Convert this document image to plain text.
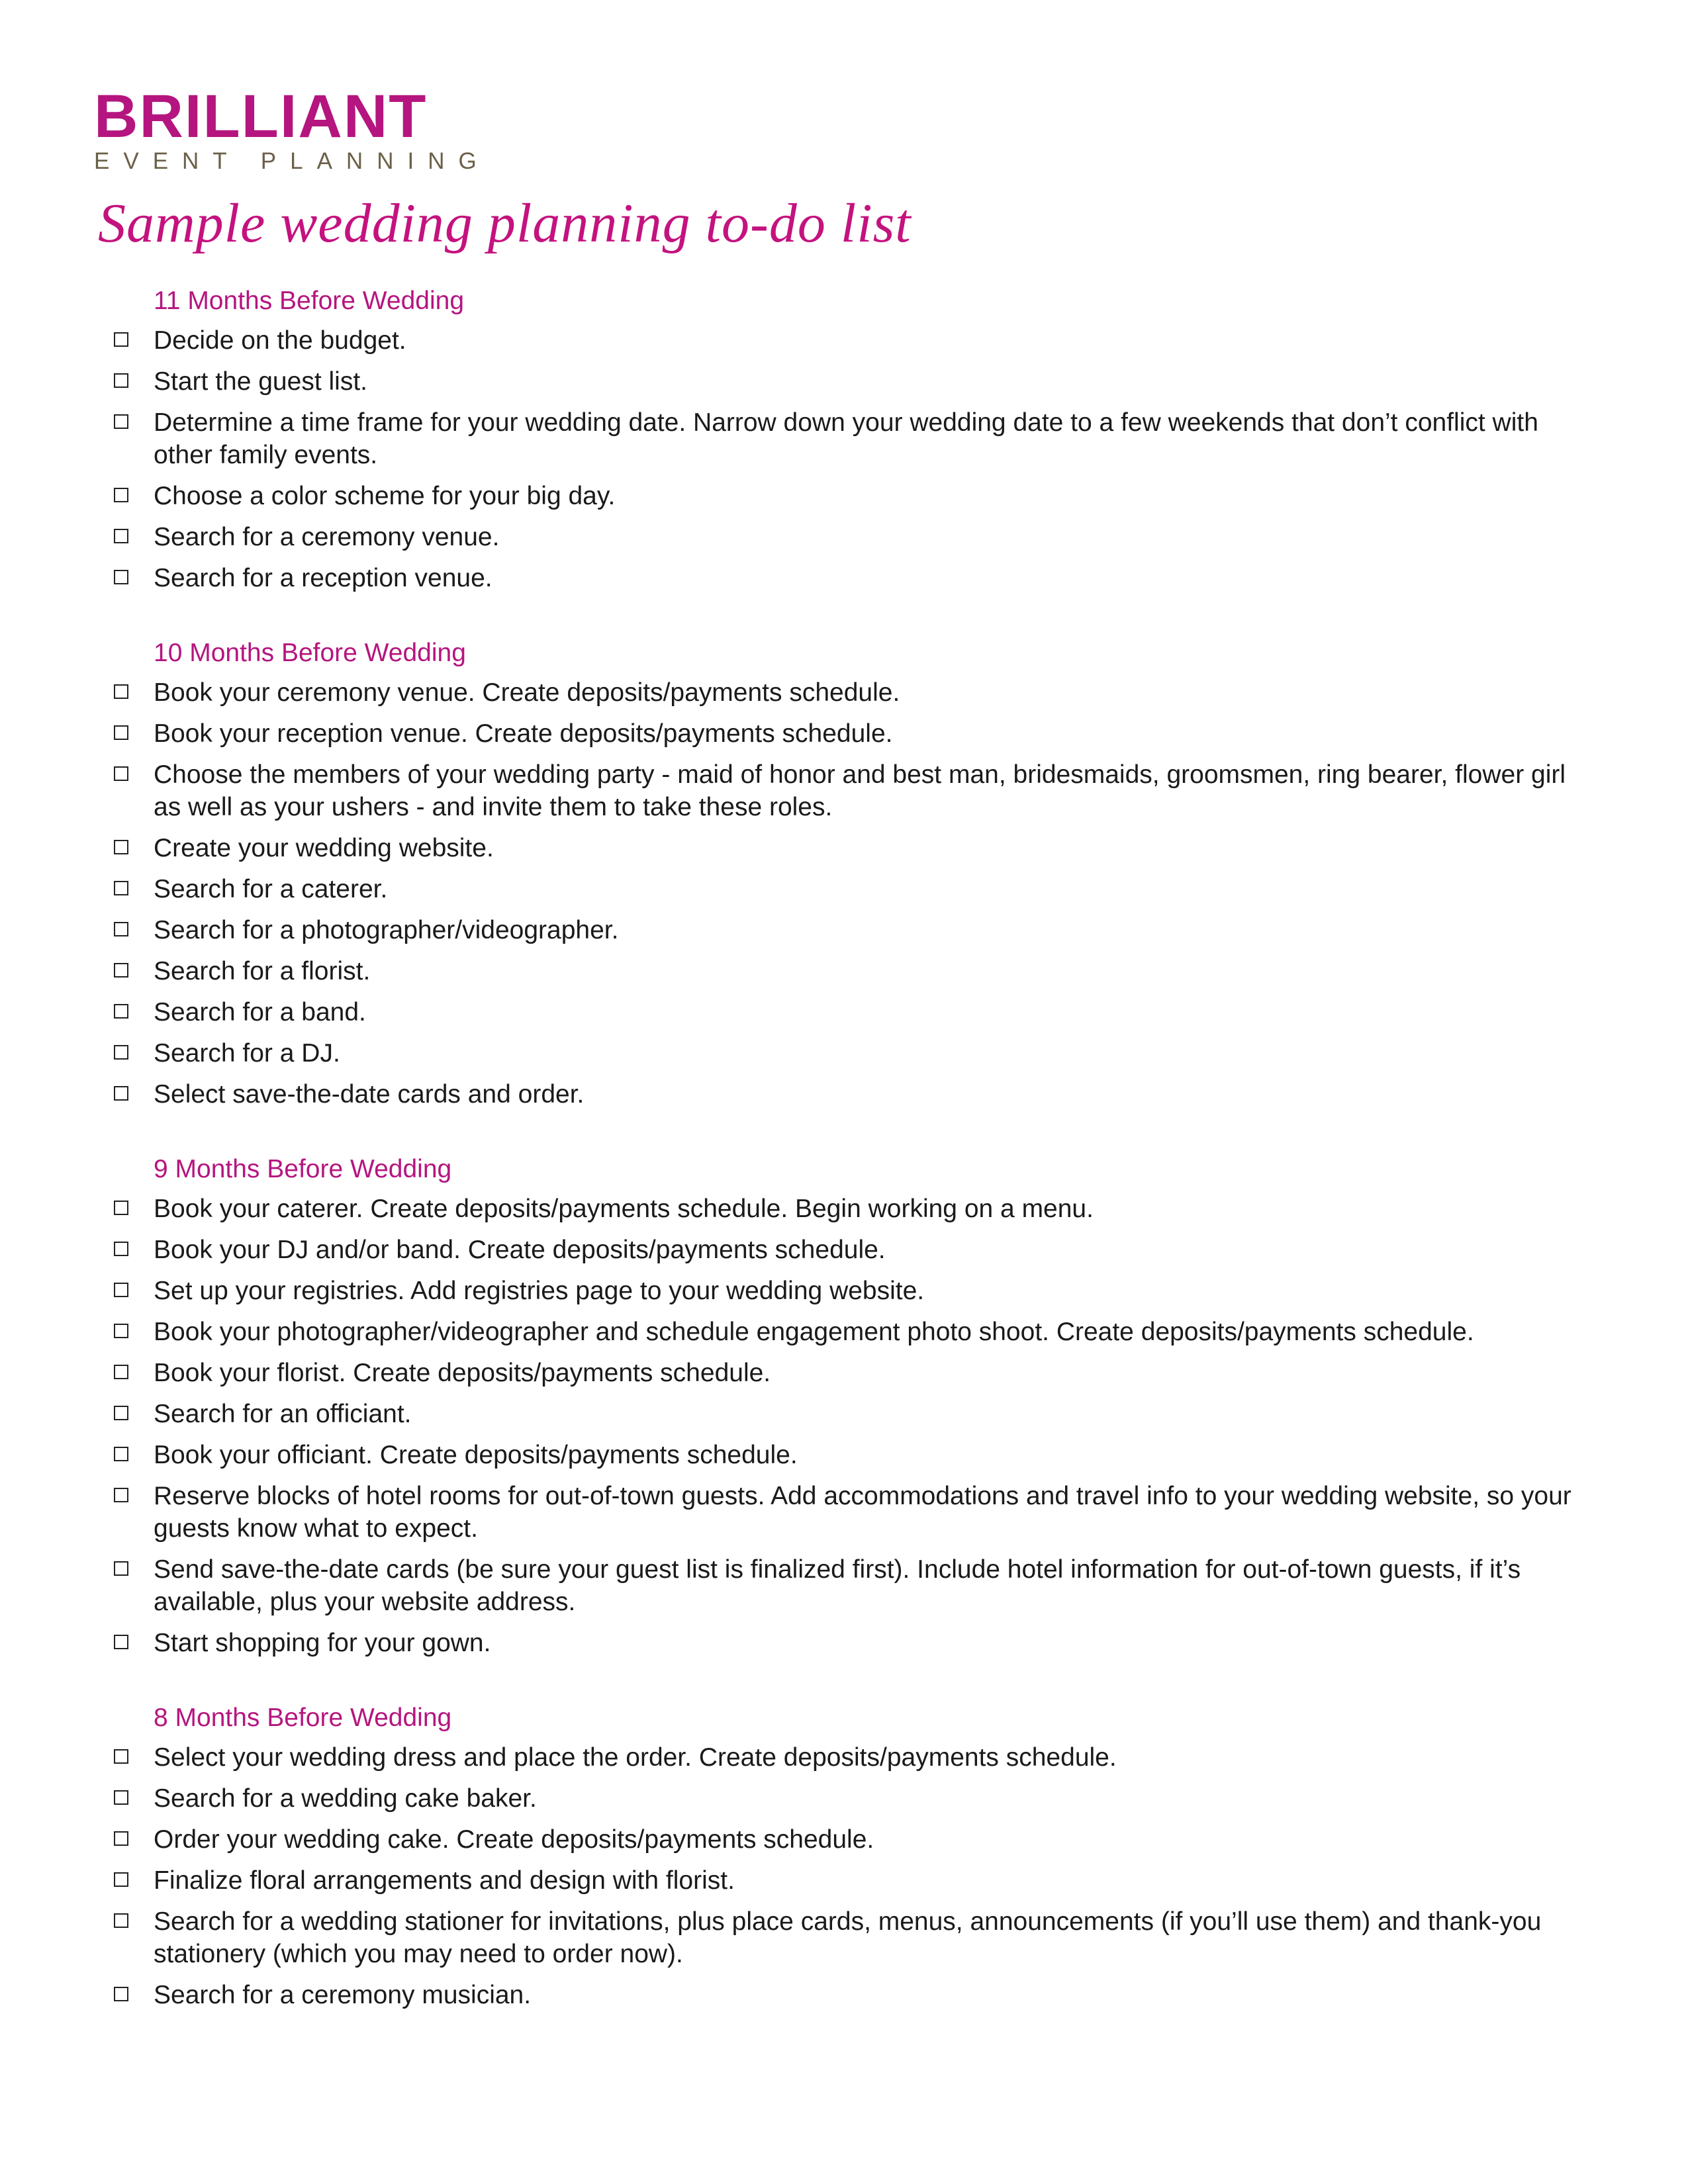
BRILLIANT
EVENT PLANNING
Sample wedding planning to-do list
11 Months Before Wedding
Decide on the budget.
Start the guest list.
Determine a time frame for your wedding date. Narrow down your wedding date to a few weekends that don’t conflict with other family events.
Choose a color scheme for your big day.
Search for a ceremony venue.
Search for a reception venue.
10 Months Before Wedding
Book your ceremony venue. Create deposits/payments schedule.
Book your reception venue. Create deposits/payments schedule.
Choose the members of your wedding party - maid of honor and best man, bridesmaids, groomsmen, ring bearer, flower girl as well as your ushers - and invite them to take these roles.
Create your wedding website.
Search for a caterer.
Search for a photographer/videographer.
Search for a florist.
Search for a band.
Search for a DJ.
Select save-the-date cards and order.
9 Months Before Wedding
Book your caterer. Create deposits/payments schedule. Begin working on a menu.
Book your DJ and/or band. Create deposits/payments schedule.
Set up your registries. Add registries page to your wedding website.
Book your photographer/videographer and schedule engagement photo shoot. Create deposits/payments schedule.
Book your florist. Create deposits/payments schedule.
Search for an officiant.
Book your officiant. Create deposits/payments schedule.
Reserve blocks of hotel rooms for out-of-town guests. Add accommodations and travel info to your wedding website, so your guests know what to expect.
Send save-the-date cards (be sure your guest list is finalized first). Include hotel information for out-of-town guests, if it’s available, plus your website address.
Start shopping for your gown.
8 Months Before Wedding
Select your wedding dress and place the order. Create deposits/payments schedule.
Search for a wedding cake baker.
Order your wedding cake. Create deposits/payments schedule.
Finalize floral arrangements and design with florist.
Search for a wedding stationer for invitations, plus place cards, menus, announcements (if you’ll use them) and thank-you stationery (which you may need to order now).
Search for a ceremony musician.
